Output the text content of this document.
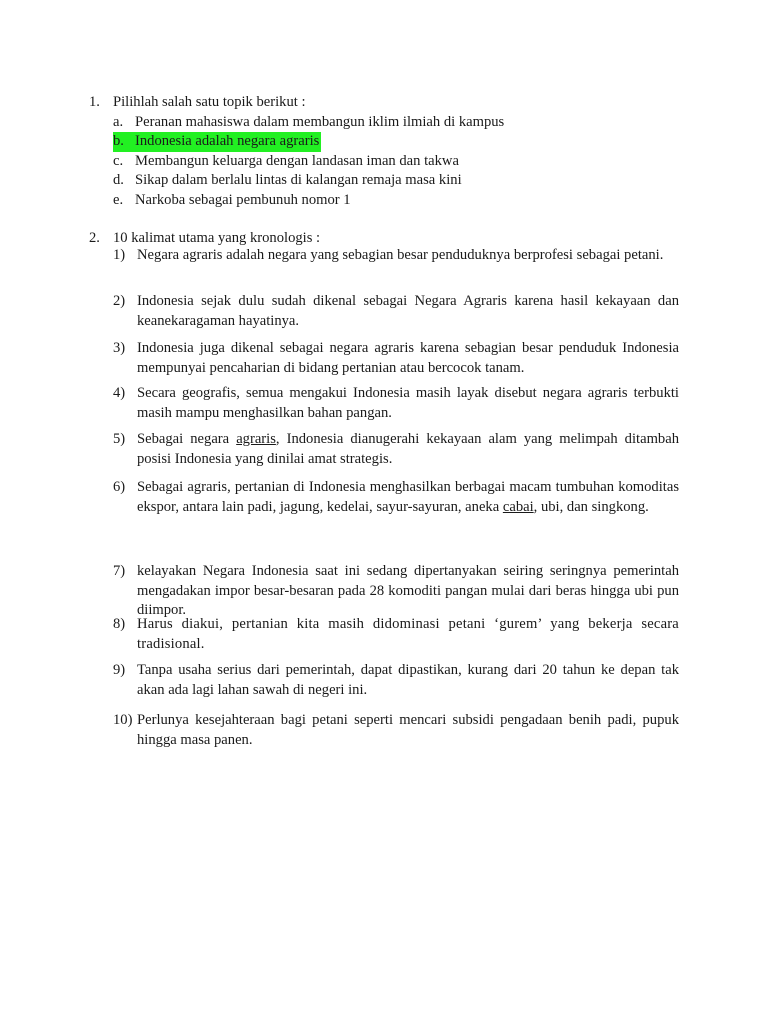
1. Pilihlah salah satu topik berikut :
a. Peranan mahasiswa dalam membangun iklim ilmiah di kampus
b. Indonesia adalah negara agraris
c. Membangun keluarga dengan landasan iman dan takwa
d. Sikap dalam berlalu lintas di kalangan remaja masa kini
e. Narkoba sebagai pembunuh nomor 1
2. 10 kalimat utama yang kronologis :
1) Negara agraris adalah negara yang sebagian besar penduduknya berprofesi sebagai petani.
2) Indonesia sejak dulu sudah dikenal sebagai Negara Agraris karena hasil kekayaan dan keanekaragaman hayatinya.
3) Indonesia juga dikenal sebagai negara agraris karena sebagian besar penduduk Indonesia mempunyai pencaharian di bidang pertanian atau bercocok tanam.
4) Secara geografis, semua mengakui Indonesia masih layak disebut negara agraris terbukti masih mampu menghasilkan bahan pangan.
5) Sebagai negara agraris, Indonesia dianugerahi kekayaan alam yang melimpah ditambah posisi Indonesia yang dinilai amat strategis.
6) Sebagai agraris, pertanian di Indonesia menghasilkan berbagai macam tumbuhan komoditas ekspor, antara lain padi, jagung, kedelai, sayur-sayuran, aneka cabai, ubi, dan singkong.
7) kelayakan Negara Indonesia saat ini sedang dipertanyakan seiring seringnya pemerintah mengadakan impor besar-besaran pada 28 komoditi pangan mulai dari beras hingga ubi pun diimpor.
8) Harus diakui, pertanian kita masih didominasi petani ‘gurem’ yang bekerja secara tradisional.
9) Tanpa usaha serius dari pemerintah, dapat dipastikan, kurang dari 20 tahun ke depan tak akan ada lagi lahan sawah di negeri ini.
10) Perlunya kesejahteraan bagi petani seperti mencari subsidi pengadaan benih padi, pupuk hingga masa panen.
